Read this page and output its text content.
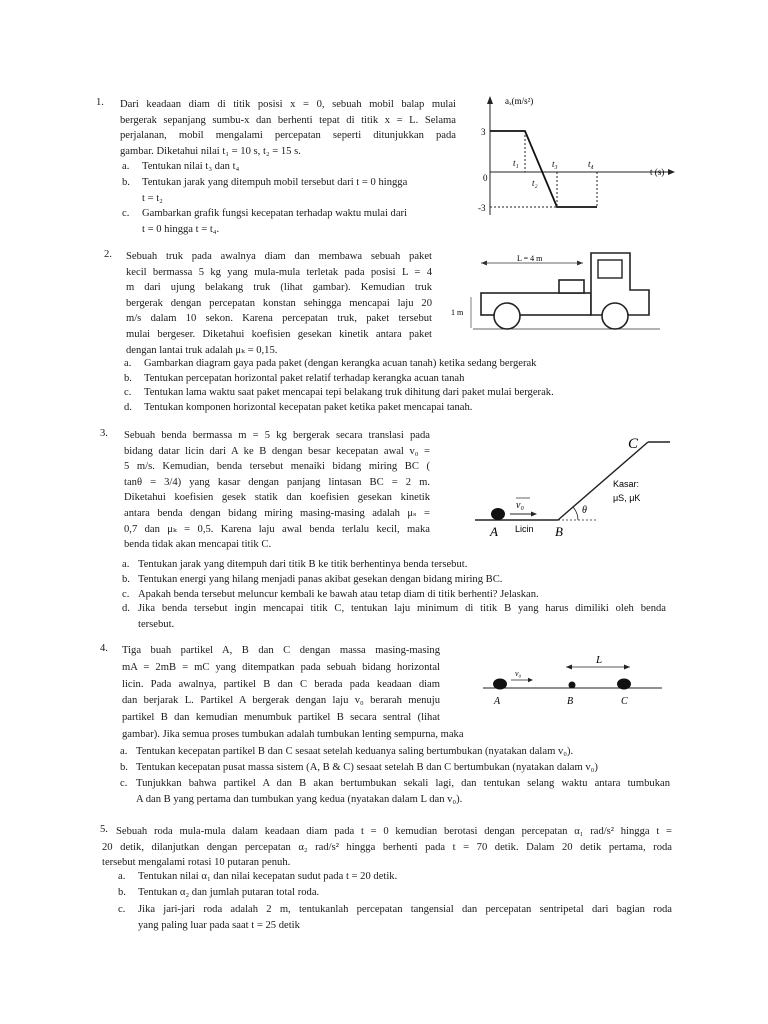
1. Dari keadaan diam di titik posisi x = 0, sebuah mobil balap mulai
bergerak sepanjang sumbu-x dan berhenti tepat di titik x = L. Selama
perjalanan, mobil mengalami percepatan seperti ditunjukkan pada
gambar. Diketahui nilai t₁ = 10 s, t₂ = 15 s.
a. Tentukan nilai t₃ dan t₄
b. Tentukan jarak yang ditempuh mobil tersebut dari t = 0 hingga
t = t₂
c. Gambarkan grafik fungsi kecepatan terhadap waktu mulai dari
t = 0 hingga t = t₄.
aₓ(m/s²)
t (s)
3
0
-3
t₁
t₂
t₃	t₄
2. Sebuah truk pada awalnya diam dan membawa sebuah paket
kecil bermassa 5 kg yang mula-mula terletak pada posisi L = 4
m dari ujung belakang truk (lihat gambar). Kemudian truk
bergerak dengan percepatan konstan sehingga mencapai laju 20
m/s dalam 10 sekon. Karena percepatan truk, paket tersebut
mulai bergeser. Diketahui koefisien gesekan kinetik antara paket
dengan lantai truk adalah μₖ = 0,15.
a. Gambarkan diagram gaya pada paket (dengan kerangka acuan tanah) ketika sedang bergerak
b. Tentukan percepatan horizontal paket relatif terhadap kerangka acuan tanah
c. Tentukan lama waktu saat paket mencapai tepi belakang truk dihitung dari paket mulai bergerak.
d. Tentukan komponen horizontal kecepatan paket ketika paket mencapai tanah.
1 m
L = 4 m
3. Sebuah benda bermassa m = 5 kg bergerak secara translasi pada
bidang datar licin dari A ke B dengan besar kecepatan awal v₀ =
5 m/s. Kemudian, benda tersebut menaiki bidang miring BC (
tanθ = 3/4) yang kasar dengan panjang lintasan BC = 2 m.
Diketahui koefisien gesek statik dan koefisien gesekan kinetik
antara benda dengan bidang miring masing-masing adalah μₛ =
0,7 dan μₖ = 0,5. Karena laju awal benda terlalu kecil, maka
benda tidak akan mencapai titik C.
a. Tentukan jarak yang ditempuh dari titik B ke titik berhentinya benda tersebut.
b. Tentukan energi yang hilang menjadi panas akibat gesekan dengan bidang miring BC.
c. Apakah benda tersebut meluncur kembali ke bawah atau tetap diam di titik berhenti? Jelaskan.
d. Jika benda tersebut ingin mencapai titik C, tentukan laju minimum di titik B yang harus dimiliki oleh benda
tersebut.
θ
v₀
A Licin B
C
Kasar:
μS, μK
4. Tiga buah partikel A, B dan C dengan massa masing-masing
mA = 2mB = mC yang ditempatkan pada sebuah bidang horizontal
licin. Pada awalnya, partikel B dan C berada pada keadaan diam
dan berjarak L. Partikel A bergerak dengan laju v₀ berarah menuju
partikel B dan kemudian menumbuk partikel B secara sentral (lihat
gambar). Jika semua proses tumbukan adalah tumbukan lenting sempurna, maka
a. Tentukan kecepatan partikel B dan C sesaat setelah keduanya saling bertumbukan (nyatakan dalam v₀).
b. Tentukan kecepatan pusat massa sistem (A, B & C) sesaat setelah B dan C bertumbukan (nyatakan dalam v₀)
c. Tunjukkan bahwa partikel A dan B akan bertumbukan sekali lagi, dan tentukan selang waktu antara tumbukan
A dan B yang pertama dan tumbukan yang kedua (nyatakan dalam L dan v₀).
v₀
L
A	B	C
5. Sebuah roda mula-mula dalam keadaan diam pada t = 0 kemudian berotasi dengan percepatan α₁ rad/s² hingga t =
20 detik, dilanjutkan dengan percepatan α₂ rad/s² hingga berhenti pada t = 70 detik. Dalam 20 detik pertama, roda
tersebut mengalami rotasi 10 putaran penuh.
a. Tentukan nilai α₁ dan nilai kecepatan sudut pada t = 20 detik.
b. Tentukan α₂ dan jumlah putaran total roda.
c. Jika jari-jari roda adalah 2 m, tentukanlah percepatan tangensial dan percepatan sentripetal dari bagian roda
yang paling luar pada saat t = 25 detik
